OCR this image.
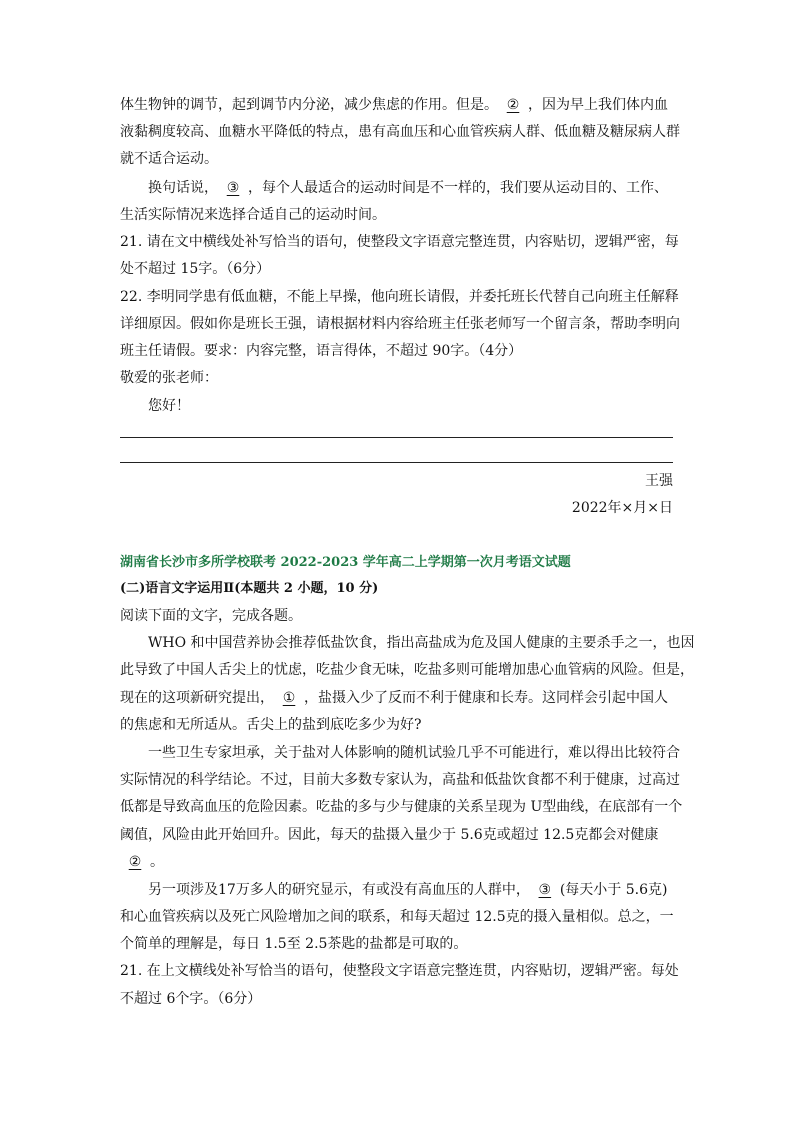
体生物钟的调节，起到调节内分泌，减少焦虑的作用。但是。 ② ，因为早上我们体内血
液黏稠度较高、血糖水平降低的特点，患有高血压和心血管疾病人群、低血糖及糖尿病人群
就不适合运动。
换句话说， ③ ，每个人最适合的运动时间是不一样的，我们要从运动目的、工作、
生活实际情况来选择合适自己的运动时间。
21. 请在文中横线处补写恰当的语句，使整段文字语意完整连贯，内容贴切，逻辑严密，每
处不超过 15字。（6分）
22. 李明同学患有低血糖，不能上早操，他向班长请假，并委托班长代替自己向班主任解释
详细原因。假如你是班长王强，请根据材料内容给班主任张老师写一个留言条，帮助李明向
班主任请假。要求：内容完整，语言得体，不超过 90字。（4分）
敬爱的张老师：
您好！
王强
2022年×月×日
湖南省长沙市多所学校联考 2022-2023 学年高二上学期第一次月考语文试题
(二)语言文字运用Ⅱ(本题共 2 小题，10 分)
阅读下面的文字，完成各题。
WHO 和中国营养协会推荐低盐饮食，指出高盐成为危及国人健康的主要杀手之一，也因
此导致了中国人舌尖上的忧虑，吃盐少食无味，吃盐多则可能增加患心血管病的风险。但是，
现在的这项新研究提出， ① ，盐摄入少了反而不利于健康和长寿。这同样会引起中国人
的焦虑和无所适从。舌尖上的盐到底吃多少为好?
一些卫生专家坦承，关于盐对人体影响的随机试验几乎不可能进行，难以得出比较符合
实际情况的科学结论。不过，目前大多数专家认为，高盐和低盐饮食都不利于健康，过高过
低都是导致高血压的危险因素。吃盐的多与少与健康的关系呈现为 U型曲线，在底部有一个
阈值，风险由此开始回升。因此，每天的盐摄入量少于 5.6克或超过 12.5克都会对健康
② 。
另一项涉及17万多人的研究显示，有或没有高血压的人群中， ③ (每天小于 5.6克)
和心血管疾病以及死亡风险增加之间的联系，和每天超过 12.5克的摄入量相似。总之，一
个简单的理解是，每日 1.5至 2.5茶匙的盐都是可取的。
21. 在上文横线处补写恰当的语句，使整段文字语意完整连贯，内容贴切，逻辑严密。每处
不超过 6个字。（6分）
